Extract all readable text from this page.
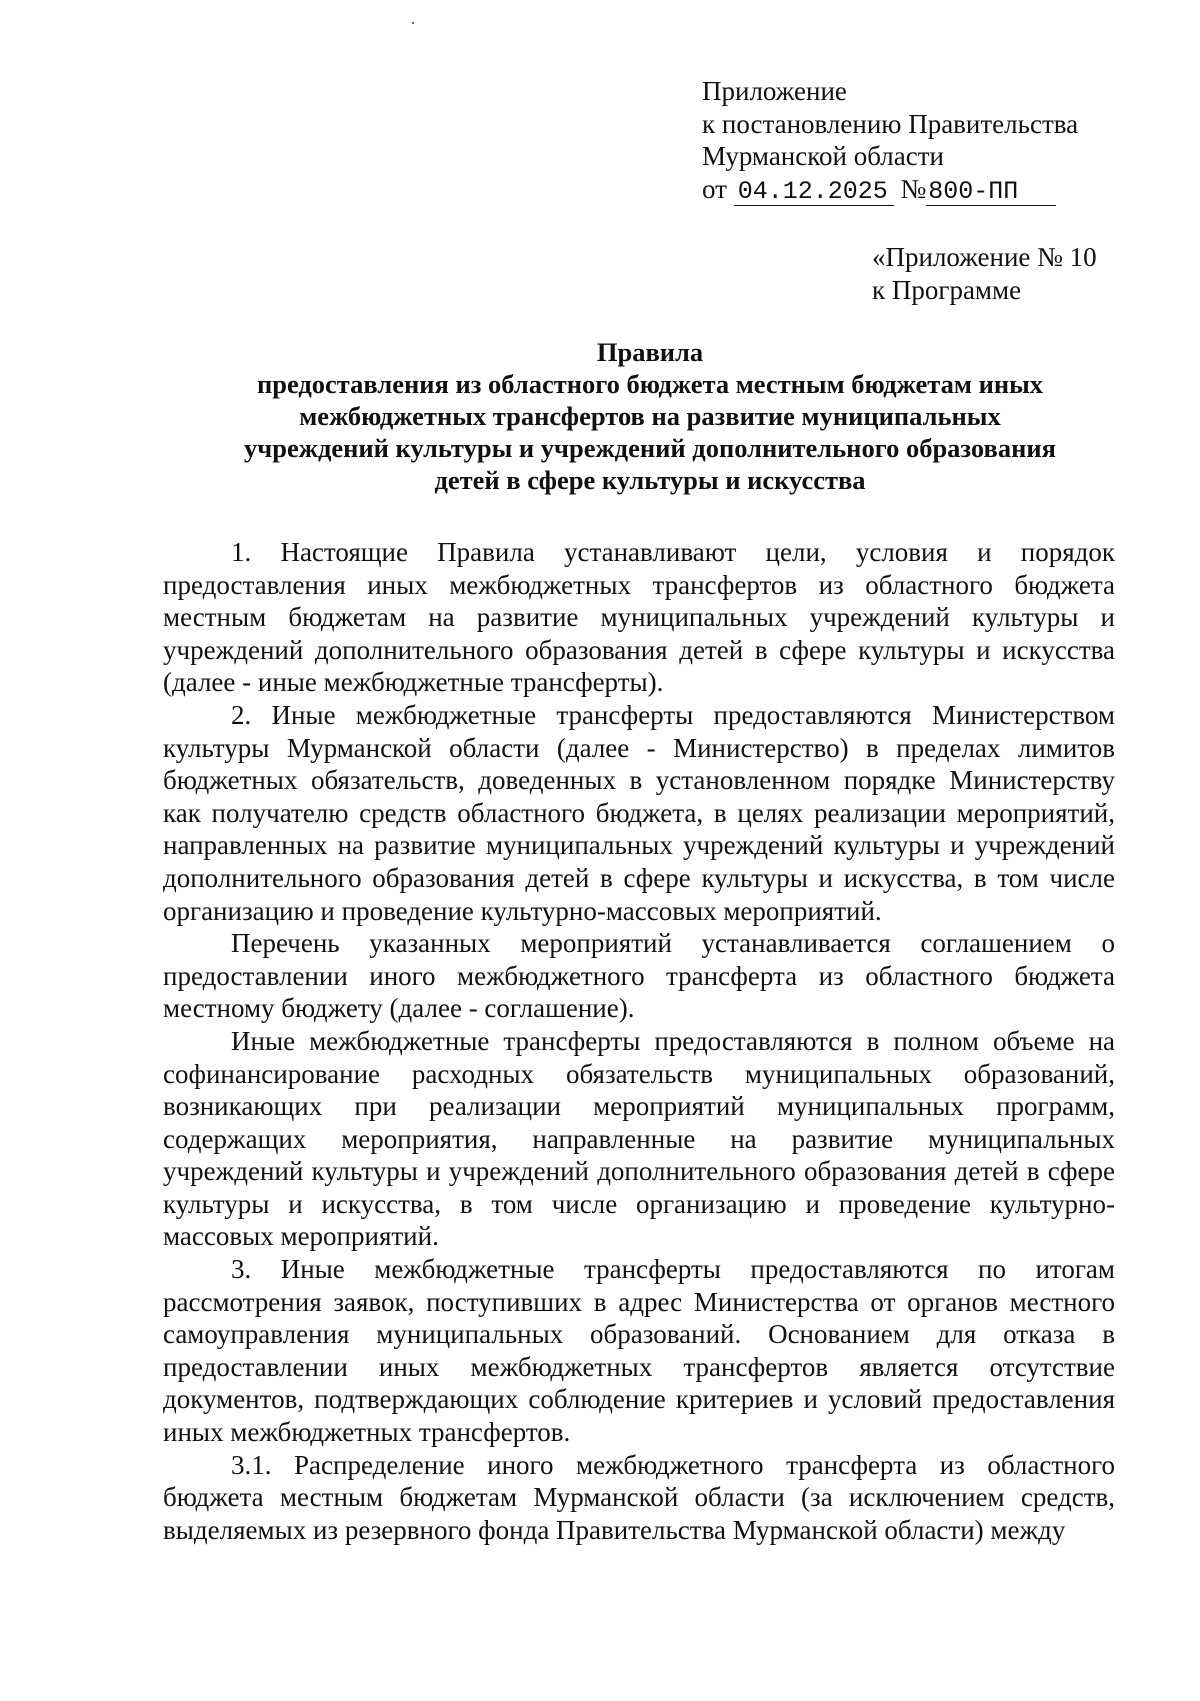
Приложение
к постановлению Правительства
Мурманской области
от 04.12.2025 №800-ПП
«Приложение № 10
к Программе
Правила
предоставления из областного бюджета местным бюджетам иных
межбюджетных трансфертов на развитие муниципальных
учреждений культуры и учреждений дополнительного образования
детей в сфере культуры и искусства

1. Настоящие Правила устанавливают цели, условия и порядок предоставления иных межбюджетных трансфертов из областного бюджета местным бюджетам на развитие муниципальных учреждений культуры и учреждений дополнительного образования детей в сфере культуры и искусства (далее - иные межбюджетные трансферты).

2. Иные межбюджетные трансферты предоставляются Министерством культуры Мурманской области (далее - Министерство) в пределах лимитов бюджетных обязательств, доведенных в установленном порядке Министерству как получателю средств областного бюджета, в целях реализации мероприятий, направленных на развитие муниципальных учреждений культуры и учреждений дополнительного образования детей в сфере культуры и искусства, в том числе организацию и проведение культурно-массовых мероприятий.

Перечень указанных мероприятий устанавливается соглашением о предоставлении иного межбюджетного трансферта из областного бюджета местному бюджету (далее - соглашение).

Иные межбюджетные трансферты предоставляются в полном объеме на софинансирование расходных обязательств муниципальных образований, возникающих при реализации мероприятий муниципальных программ, содержащих мероприятия, направленные на развитие муниципальных учреждений культуры и учреждений дополнительного образования детей в сфере культуры и искусства, в том числе организацию и проведение культурно-массовых мероприятий.

3. Иные межбюджетные трансферты предоставляются по итогам рассмотрения заявок, поступивших в адрес Министерства от органов местного самоуправления муниципальных образований. Основанием для отказа в предоставлении иных межбюджетных трансфертов является отсутствие документов, подтверждающих соблюдение критериев и условий предоставления иных межбюджетных трансфертов.

3.1. Распределение иного межбюджетного трансферта из областного бюджета местным бюджетам Мурманской области (за исключением средств, выделяемых из резервного фонда Правительства Мурманской области) между
